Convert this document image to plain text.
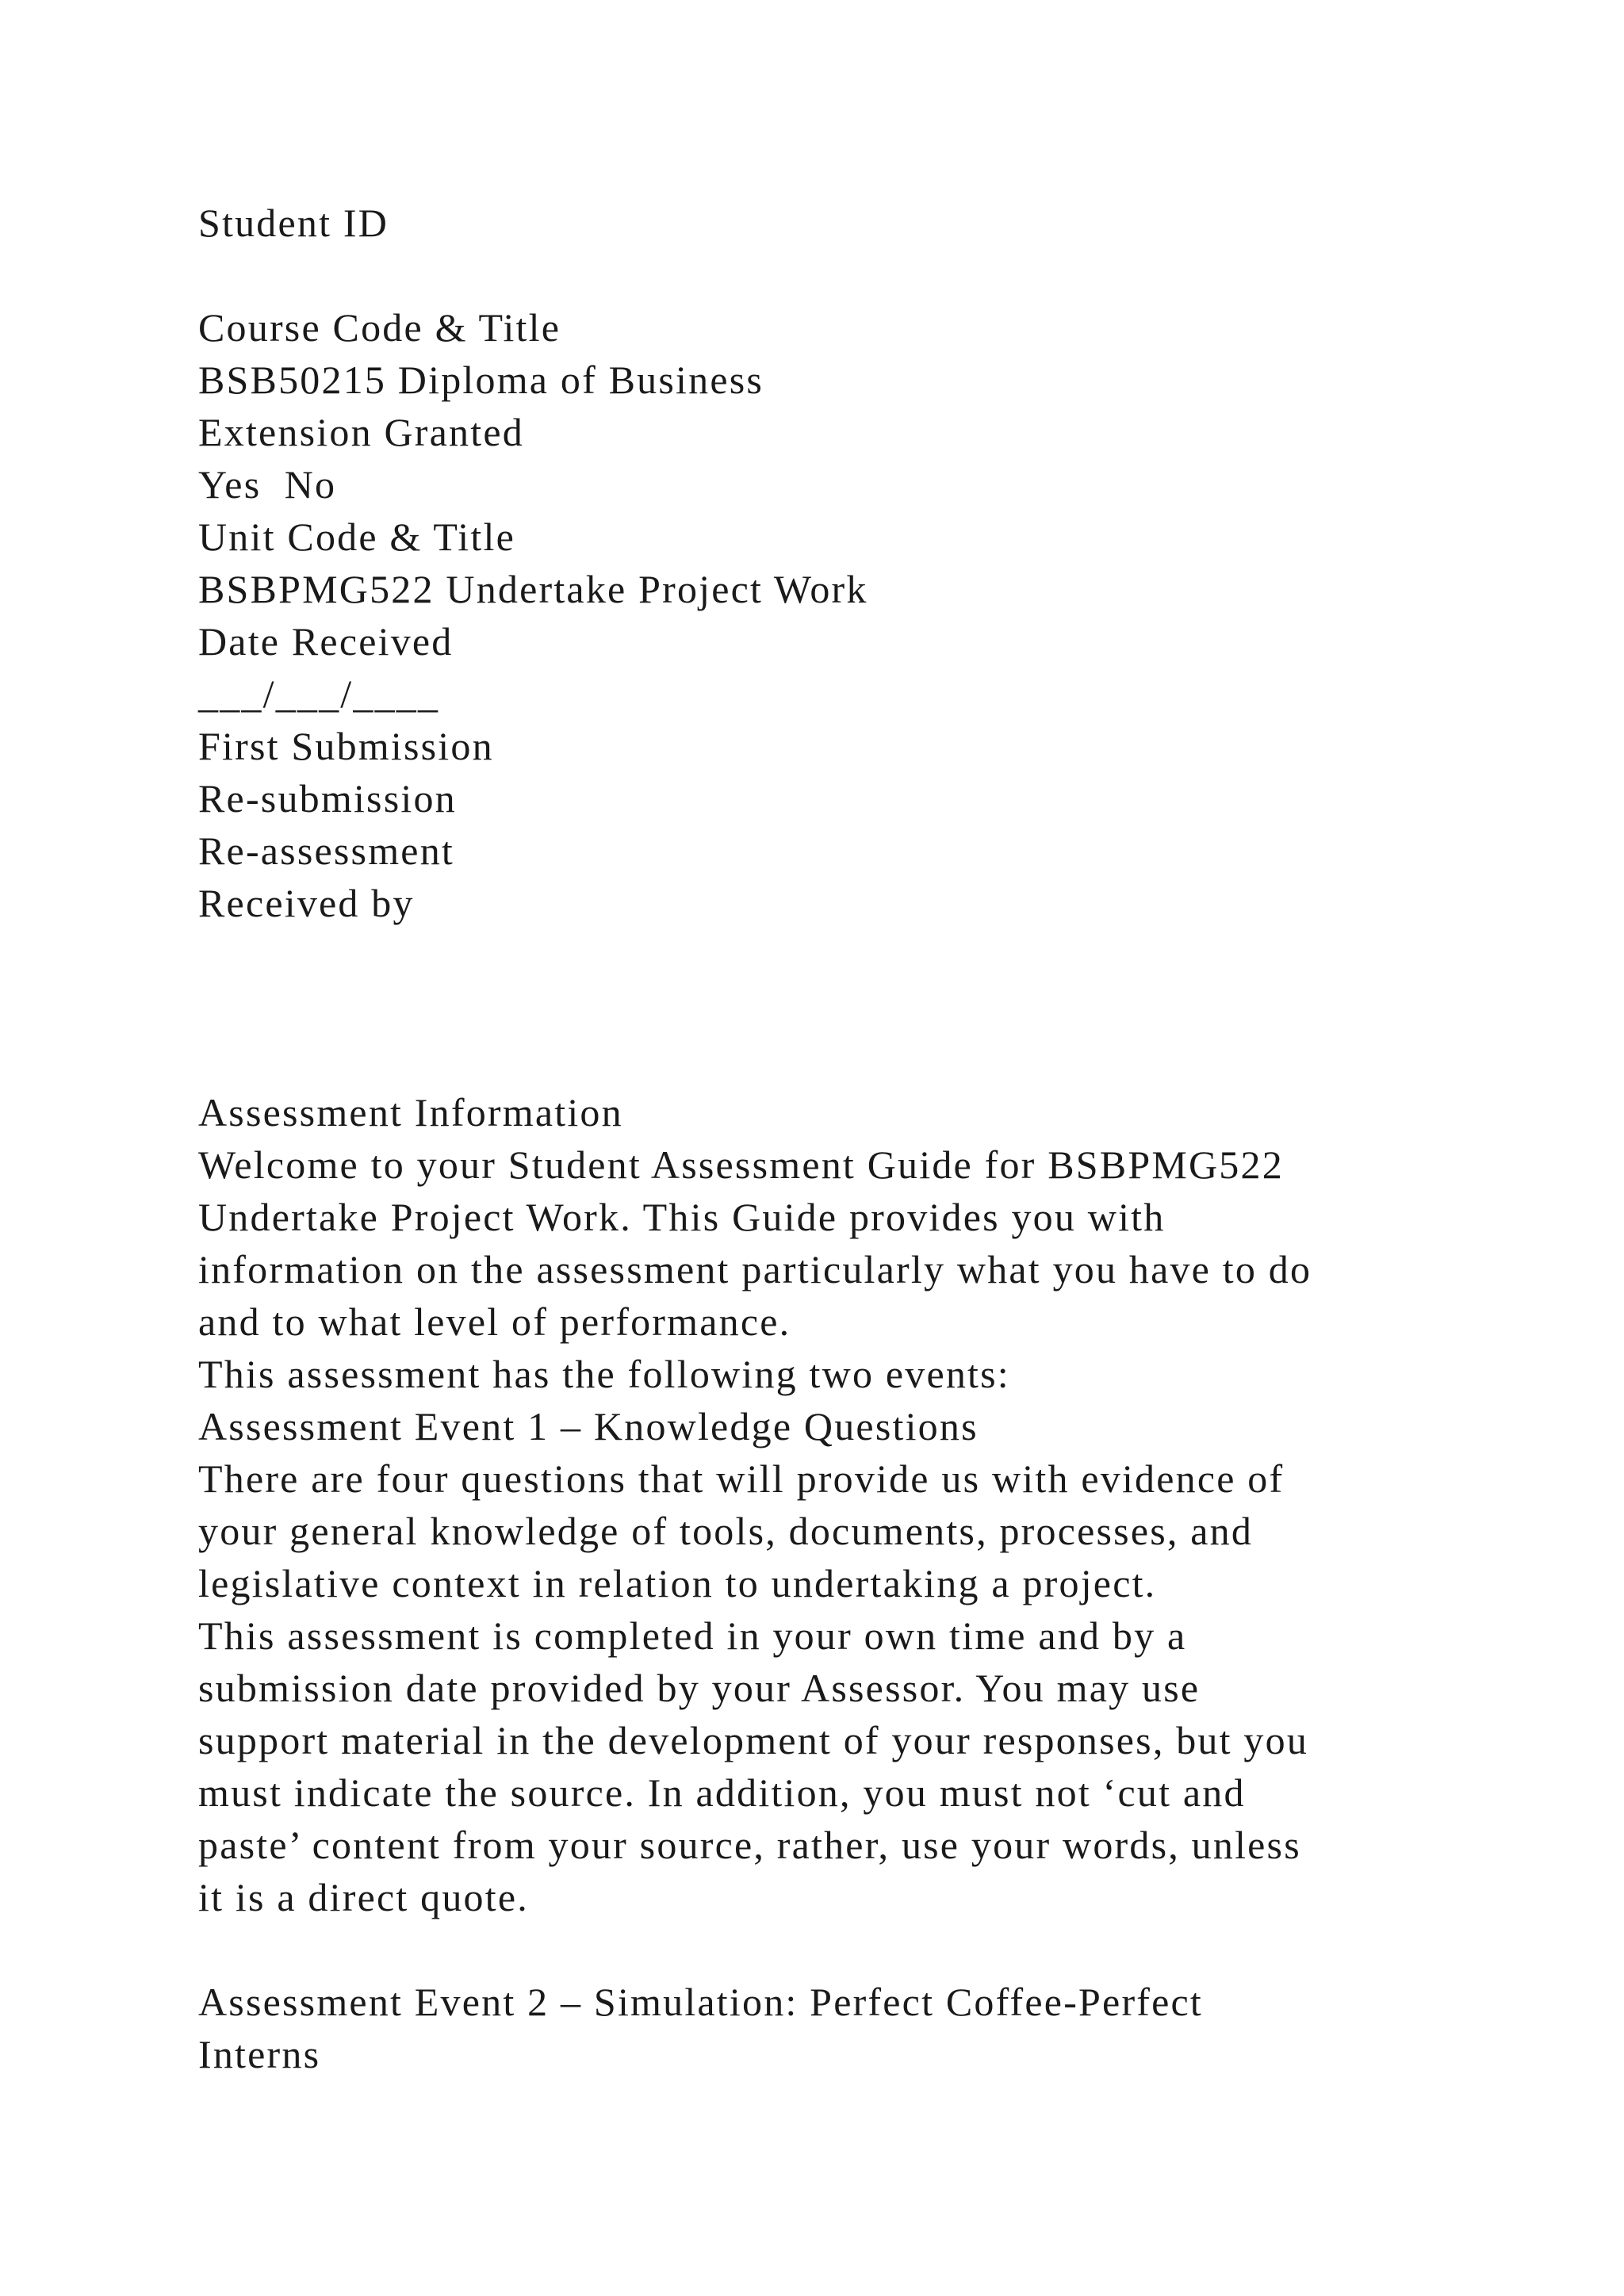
Student ID
Course Code & Title
BSB50215 Diploma of Business
Extension Granted
Yes  No
Unit Code & Title
BSBPMG522 Undertake Project Work
Date Received
___/___/____
First Submission
Re-submission
Re-assessment
Received by
Assessment Information
Welcome to your Student Assessment Guide for BSBPMG522
Undertake Project Work. This Guide provides you with
information on the assessment particularly what you have to do
and to what level of performance.
This assessment has the following two events:
Assessment Event 1 – Knowledge Questions
There are four questions that will provide us with evidence of
your general knowledge of tools, documents, processes, and
legislative context in relation to undertaking a project.
This assessment is completed in your own time and by a
submission date provided by your Assessor. You may use
support material in the development of your responses, but you
must indicate the source. In addition, you must not ‘cut and
paste’ content from your source, rather, use your words, unless
it is a direct quote.
Assessment Event 2 – Simulation: Perfect Coffee-Perfect
Interns
